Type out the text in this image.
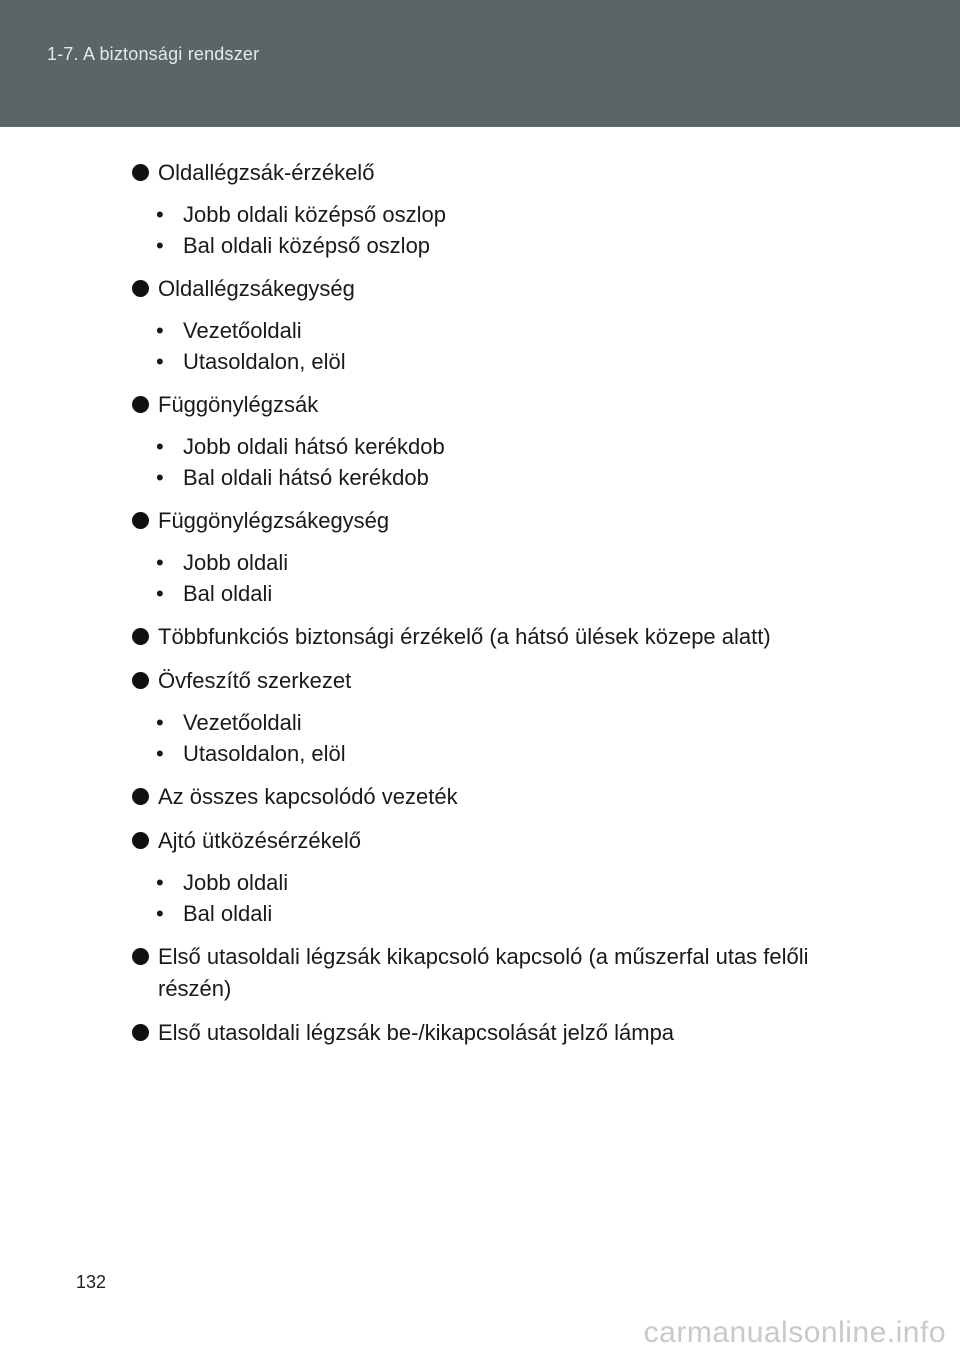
1-7. A biztonsági rendszer
Oldallégzsák-érzékelő
• Jobb oldali középső oszlop
• Bal oldali középső oszlop
Oldallégzsákegység
• Vezetőoldali
• Utasoldalon, elöl
Függönylégzsák
• Jobb oldali hátsó kerékdob
• Bal oldali hátsó kerékdob
Függönylégzsákegység
• Jobb oldali
• Bal oldali
Többfunkciós biztonsági érzékelő (a hátsó ülések közepe alatt)
Övfeszítő szerkezet
• Vezetőoldali
• Utasoldalon, elöl
Az összes kapcsolódó vezeték
Ajtó ütközésérzékelő
• Jobb oldali
• Bal oldali
Első utasoldali légzsák kikapcsoló kapcsoló (a műszerfal utas felőli részén)
Első utasoldali légzsák be-/kikapcsolását jelző lámpa
132
carmanualsonline.info
